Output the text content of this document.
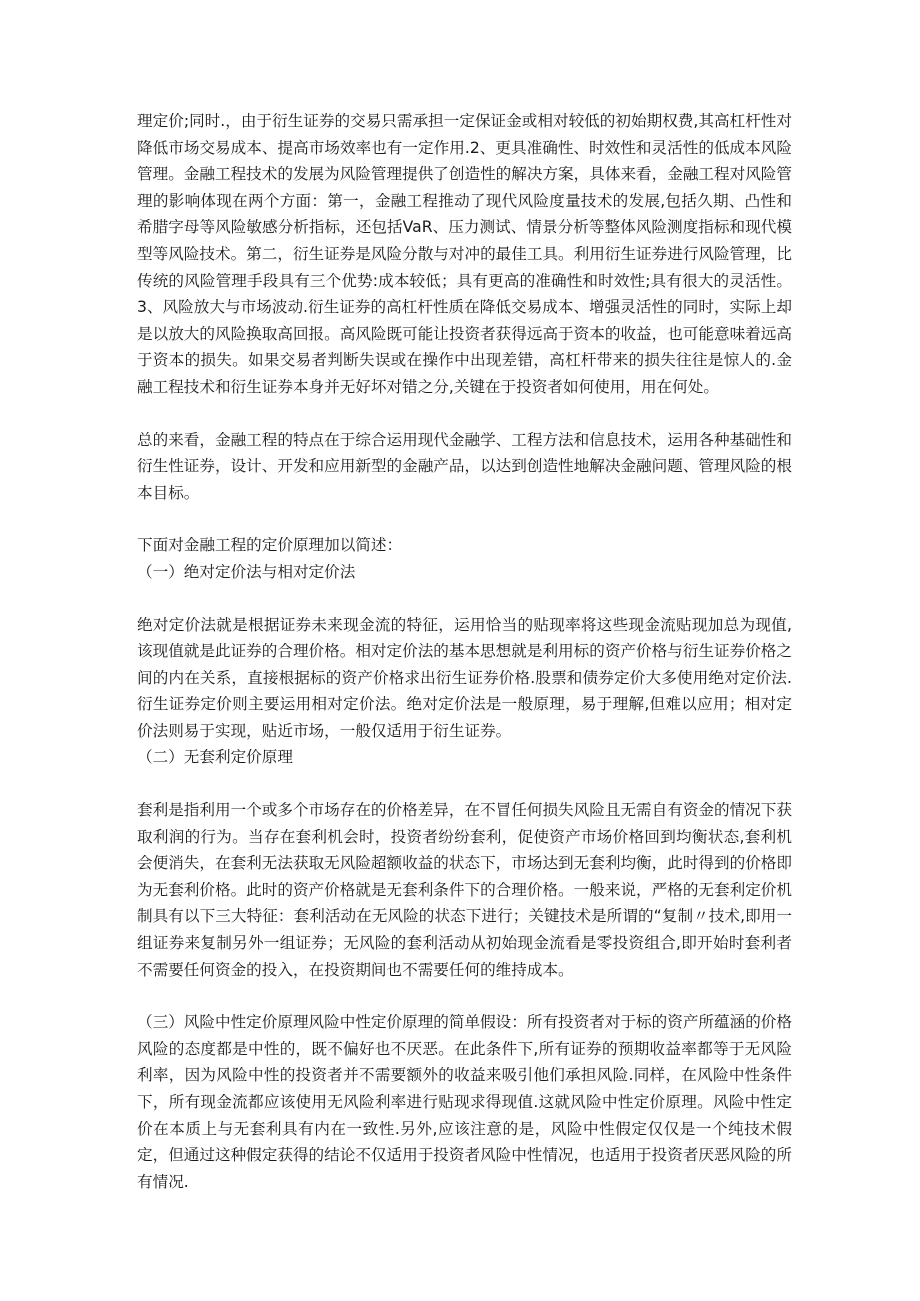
理定价;同时.，由于衍生证券的交易只需承担一定保证金或相对较低的初始期权费,其高杠杆性对降低市场交易成本、提高市场效率也有一定作用.2、更具准确性、时效性和灵活性的低成本风险管理。金融工程技术的发展为风险管理提供了创造性的解决方案，具体来看，金融工程对风险管理的影响体现在两个方面：第一，金融工程推动了现代风险度量技术的发展,包括久期、凸性和希腊字母等风险敏感分析指标，还包括VaR、压力测试、情景分析等整体风险测度指标和现代模型等风险技术。第二，衍生证券是风险分散与对冲的最佳工具。利用衍生证券进行风险管理，比传统的风险管理手段具有三个优势:成本较低；具有更高的准确性和时效性;具有很大的灵活性。3、风险放大与市场波动.衍生证券的高杠杆性质在降低交易成本、增强灵活性的同时，实际上却是以放大的风险换取高回报。高风险既可能让投资者获得远高于资本的收益，也可能意味着远高于资本的损失。如果交易者判断失误或在操作中出现差错，高杠杆带来的损失往往是惊人的.金融工程技术和衍生证券本身并无好坏对错之分,关键在于投资者如何使用，用在何处。

总的来看，金融工程的特点在于综合运用现代金融学、工程方法和信息技术，运用各种基础性和衍生性证券，设计、开发和应用新型的金融产品，以达到创造性地解决金融问题、管理风险的根本目标。

下面对金融工程的定价原理加以简述：

（一）绝对定价法与相对定价法

绝对定价法就是根据证券未来现金流的特征，运用恰当的贴现率将这些现金流贴现加总为现值,该现值就是此证券的合理价格。相对定价法的基本思想就是利用标的资产价格与衍生证券价格之间的内在关系，直接根据标的资产价格求出衍生证券价格.股票和债券定价大多使用绝对定价法.衍生证券定价则主要运用相对定价法。绝对定价法是一般原理，易于理解,但难以应用；相对定价法则易于实现，贴近市场，一般仅适用于衍生证券。

（二）无套利定价原理

套利是指利用一个或多个市场存在的价格差异，在不冒任何损失风险且无需自有资金的情况下获取利润的行为。当存在套利机会时，投资者纷纷套利，促使资产市场价格回到均衡状态,套利机会便消失，在套利无法获取无风险超额收益的状态下，市场达到无套利均衡，此时得到的价格即为无套利价格。此时的资产价格就是无套利条件下的合理价格。一般来说，严格的无套利定价机制具有以下三大特征：套利活动在无风险的状态下进行；关键技术是所谓的“复制〃技术,即用一组证券来复制另外一组证券；无风险的套利活动从初始现金流看是零投资组合,即开始时套利者不需要任何资金的投入，在投资期间也不需要任何的维持成本。

（三）风险中性定价原理风险中性定价原理的简单假设：所有投资者对于标的资产所蕴涵的价格风险的态度都是中性的，既不偏好也不厌恶。在此条件下,所有证券的预期收益率都等于无风险利率，因为风险中性的投资者并不需要额外的收益来吸引他们承担风险.同样，在风险中性条件下，所有现金流都应该使用无风险利率进行贴现求得现值.这就风险中性定价原理。风险中性定价在本质上与无套利具有内在一致性.另外,应该注意的是，风险中性假定仅仅是一个纯技术假定，但通过这种假定获得的结论不仅适用于投资者风险中性情况，也适用于投资者厌恶风险的所有情况.
